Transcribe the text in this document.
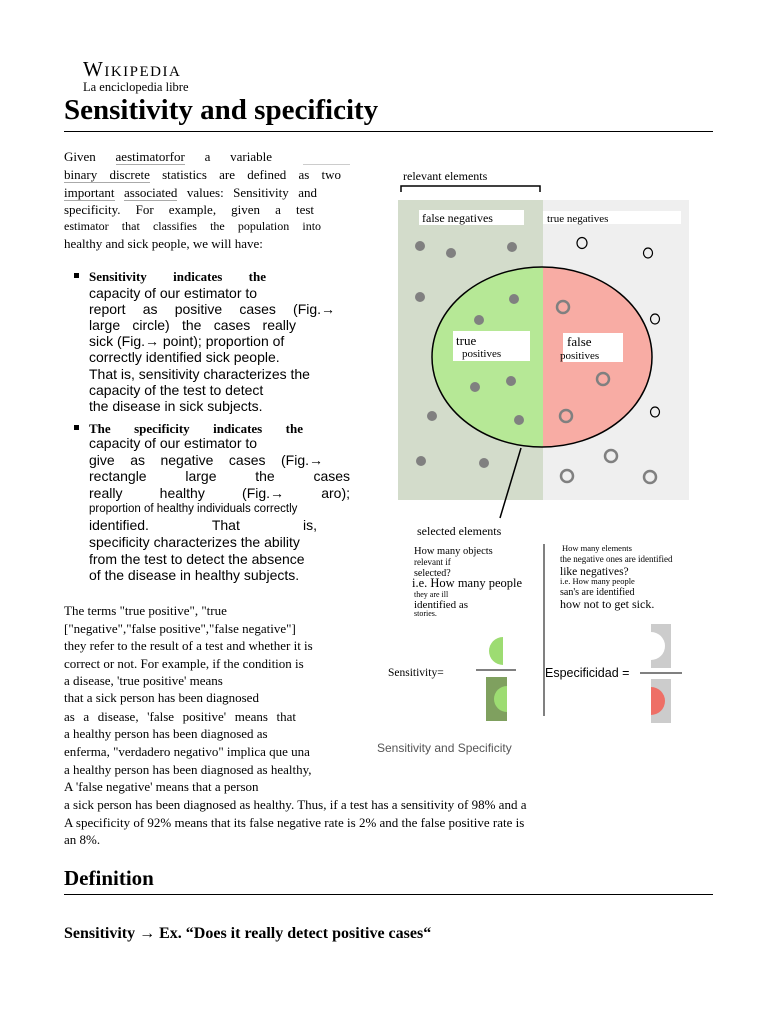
Wikipedia
La enciclopedia libre
Sensitivity and specificity
Given aestimatorfor a variable
binary discrete statistics are defined as two
important associated values: Sensitivity and
specificity. For example, given a test
estimator that classifies the population into
healthy and sick people, we will have:
Sensitivity indicates the
capacity of our estimator to
report as positive cases (Fig.→
large circle) the cases really
sick (Fig.→ point); proportion of
correctly identified sick people.
That is, sensitivity characterizes the
capacity of the test to detect
the disease in sick subjects.
The specificity indicates the
capacity of our estimator to
give as negative cases (Fig.→
rectangle	large	the	cases
really	healthy	(Fig.→	aro);
proportion of healthy individuals correctly
identified.	That	is,
specificity characterizes the ability
from the test to detect the absence
of the disease in healthy subjects.
The terms "true positive", "true
["negative","false positive","false negative"]
they refer to the result of a test and whether it is
correct or not. For example, if the condition is
a disease, 'true positive' means
that a sick person has been diagnosed
as a disease, 'false positive' means that
a healthy person has been diagnosed as
enferma, "verdadero negativo" implica que una
a healthy person has been diagnosed as healthy,
A 'false negative' means that a person
a sick person has been diagnosed as healthy. Thus, if a test has a sensitivity of 98% and a
A specificity of 92% means that its false negative rate is 2% and the false positive rate is
an 8%.
relevant elements
false negatives	true negatives
true
positives
false
positives
selected elements
How many objects
relevant if
selected?
i.e. How many people
they are ill
identified as
stories.
How many elements
the negative ones are identified
like negatives?
i.e. How many people
san's are identified
how not to get sick.
Sensitivity=	Especificidad =
Sensitivity and Specificity
Definition
Sensitivity → Ex. “Does it really detect positive cases“
